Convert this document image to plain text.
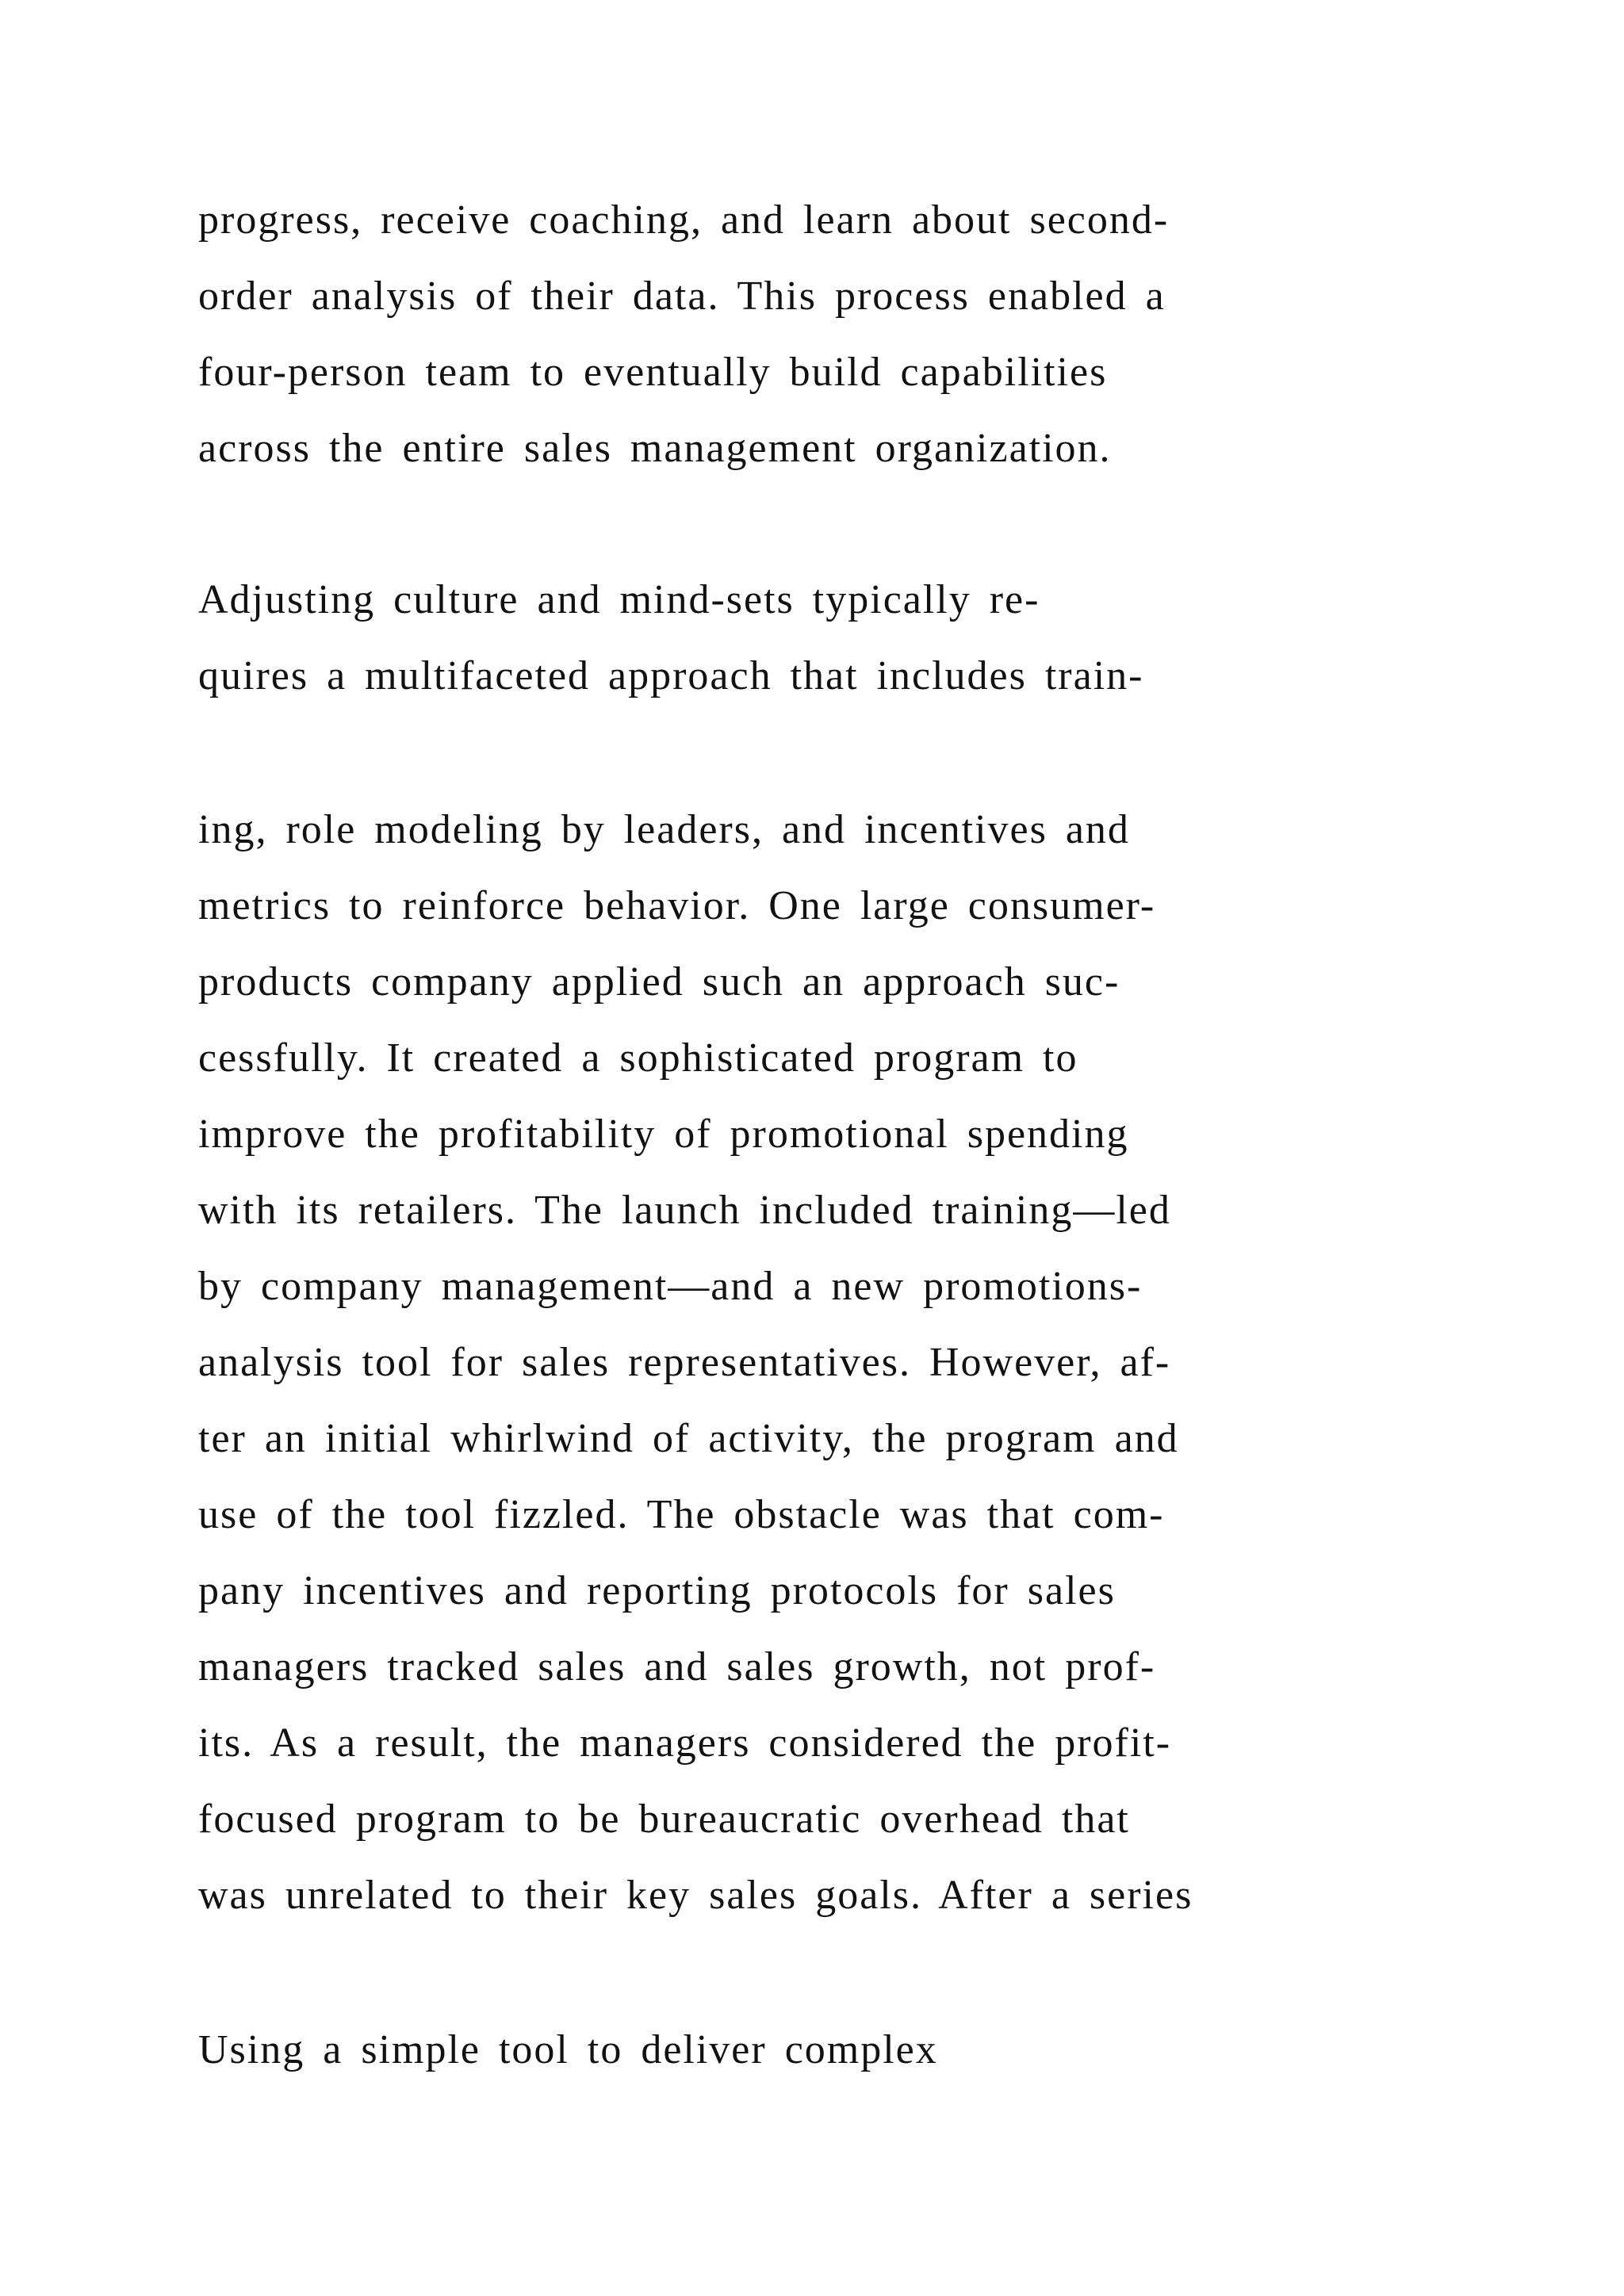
progress, receive coaching, and learn about second-

order analysis of their data. This process enabled a

four-person team to eventually build capabilities

across the entire sales management organization.

Adjusting culture and mind-sets typically re-

quires a multifaceted approach that includes train-

ing, role modeling by leaders, and incentives and

metrics to reinforce behavior. One large consumer-

products company applied such an approach suc-

cessfully. It created a sophisticated program to

improve the profitability of promotional spending

with its retailers. The launch included training—led

by company management—and a new promotions-

analysis tool for sales representatives. However, af-

ter an initial whirlwind of activity, the program and

use of the tool fizzled. The obstacle was that com-

pany incentives and reporting protocols for sales

managers tracked sales and sales growth, not prof-

its. As a result, the managers considered the profit-

focused program to be bureaucratic overhead that

was unrelated to their key sales goals. After a series

Using a simple tool to deliver complex
